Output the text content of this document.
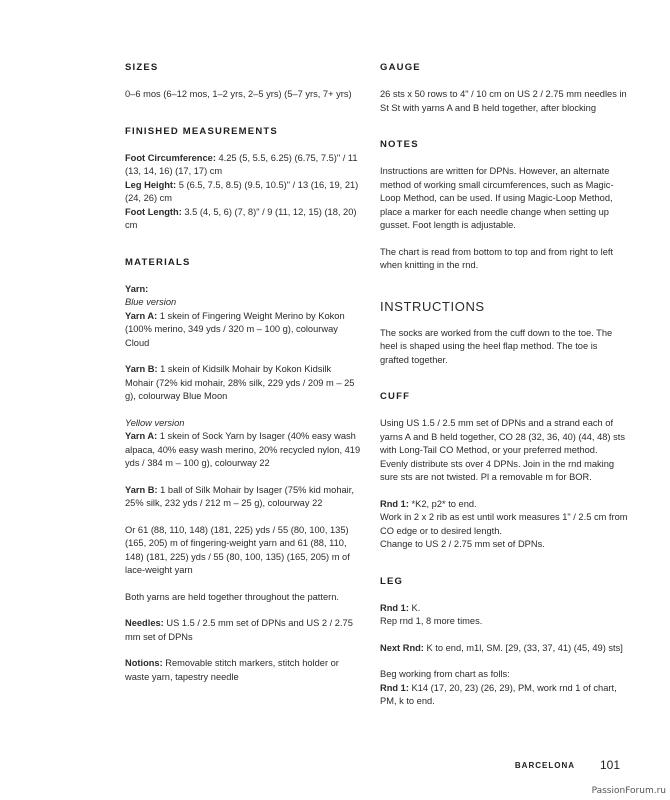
SIZES

0–6 mos (6–12 mos, 1–2 yrs, 2–5 yrs) (5–7 yrs, 7+ yrs)

FINISHED MEASUREMENTS

Foot Circumference: 4.25 (5, 5.5, 6.25) (6.75, 7.5)" / 11 (13, 14, 16) (17, 17) cm
Leg Height: 5 (6.5, 7.5, 8.5) (9.5, 10.5)" / 13 (16, 19, 21) (24, 26) cm
Foot Length: 3.5 (4, 5, 6) (7, 8)" / 9 (11, 12, 15) (18, 20) cm

MATERIALS

Yarn:
Blue version
Yarn A: 1 skein of Fingering Weight Merino by Kokon (100% merino, 349 yds / 320 m – 100 g), colourway Cloud

Yarn B: 1 skein of Kidsilk Mohair by Kokon Kidsilk Mohair (72% kid mohair, 28% silk, 229 yds / 209 m – 25 g), colourway Blue Moon

Yellow version
Yarn A: 1 skein of Sock Yarn by Isager (40% easy wash alpaca, 40% easy wash merino, 20% recycled nylon, 419 yds / 384 m – 100 g), colourway 22

Yarn B: 1 ball of Silk Mohair by Isager (75% kid mohair, 25% silk, 232 yds / 212 m – 25 g), colourway 22

Or 61 (88, 110, 148) (181, 225) yds / 55 (80, 100, 135) (165, 205) m of fingering-weight yarn and 61 (88, 110, 148) (181, 225) yds / 55 (80, 100, 135) (165, 205) m of lace-weight yarn

Both yarns are held together throughout the pattern.

Needles: US 1.5 / 2.5 mm set of DPNs and US 2 / 2.75 mm set of DPNs

Notions: Removable stitch markers, stitch holder or waste yarn, tapestry needle

GAUGE

26 sts x 50 rows to 4" / 10 cm on US 2 / 2.75 mm needles in St St with yarns A and B held together, after blocking

NOTES

Instructions are written for DPNs. However, an alternate method of working small circumferences, such as Magic-Loop Method, can be used. If using Magic-Loop Method, place a marker for each needle change when setting up gusset. Foot length is adjustable.

The chart is read from bottom to top and from right to left when knitting in the rnd.

INSTRUCTIONS

The socks are worked from the cuff down to the toe. The heel is shaped using the heel flap method. The toe is grafted together.

CUFF

Using US 1.5 / 2.5 mm set of DPNs and a strand each of yarns A and B held together, CO 28 (32, 36, 40) (44, 48) sts with Long-Tail CO Method, or your preferred method. Evenly distribute sts over 4 DPNs. Join in the rnd making sure sts are not twisted. Pl a removable m for BOR.

Rnd 1: *K2, p2* to end.
Work in 2 x 2 rib as est until work measures 1" / 2.5 cm from CO edge or to desired length.
Change to US 2 / 2.75 mm set of DPNs.

LEG

Rnd 1: K.
Rep rnd 1, 8 more times.

Next Rnd: K to end, m1l, SM. [29, (33, 37, 41) (45, 49) sts]

Beg working from chart as folls:
Rnd 1: K14 (17, 20, 23) (26, 29), PM, work rnd 1 of chart, PM, k to end.

BARCELONA 101
PassionForum.ru
